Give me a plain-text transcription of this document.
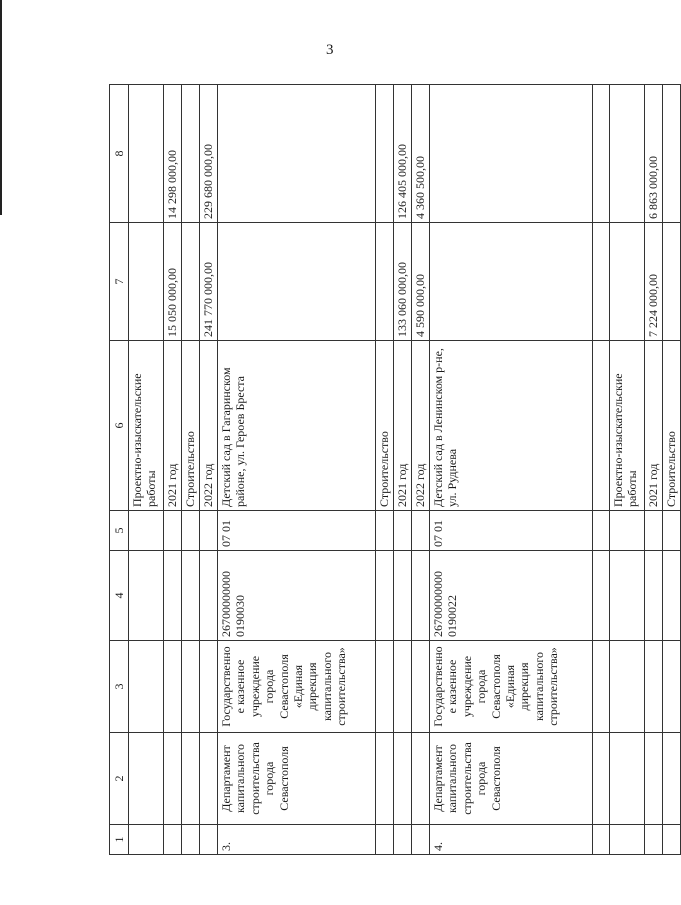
3
1	2	3	4	5	6	7	8
					Проектно-изыскательские работы		
					2021 год	15 050 000,00	14 298 000,00
					Строительство		
					2022 год	241 770 000,00	229 680 000,00
3.	Департамент капитального строительства города Севастополя	Государственное казенное учреждение города Севастополя «Единая дирекция капитального строительства»	26700000000 0190030	07 01	Детский сад в Гагаринском районе, ул. Героев Бреста		
					Строительство		
					2021 год	133 060 000,00	126 405 000,00
					2022 год	4 590 000,00	4 360 500,00
4.	Департамент капитального строительства города Севастополя	Государственное казенное учреждение города Севастополя «Единая дирекция капитального строительства»	26700000000 0190022	07 01	Детский сад в Ленинском р-не, ул. Руднева		

					Проектно-изыскательские работы		
					2021 год	7 224 000,00	6 863 000,00
					Строительство		
